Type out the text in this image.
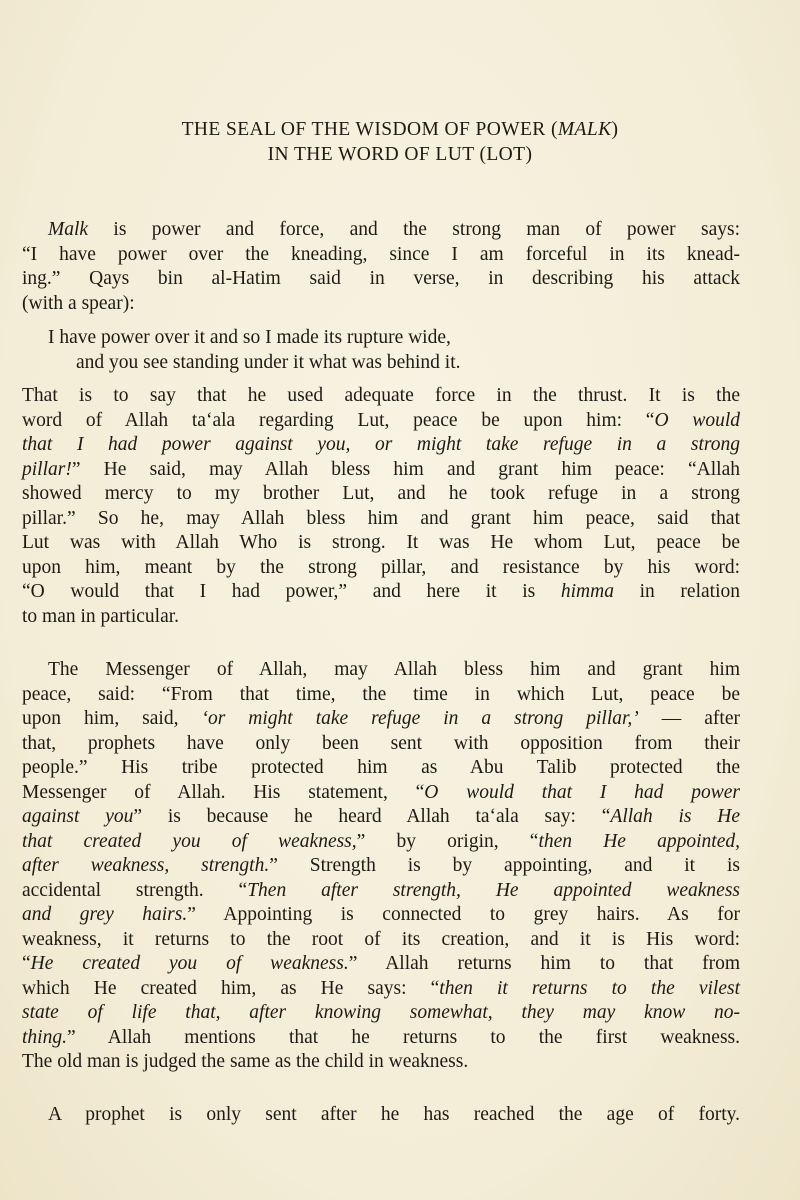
THE SEAL OF THE WISDOM OF POWER (MALK)
IN THE WORD OF LUT (LOT)
Malk is power and force, and the strong man of power says:
“I have power over the kneading, since I am forceful in its knead-
ing.” Qays bin al-Hatim said in verse, in describing his attack
(with a spear):
I have power over it and so I made its rupture wide,
and you see standing under it what was behind it.
That is to say that he used adequate force in the thrust. It is the
word of Allah ta‘ala regarding Lut, peace be upon him: “O would
that I had power against you, or might take refuge in a strong
pillar!” He said, may Allah bless him and grant him peace: “Allah
showed mercy to my brother Lut, and he took refuge in a strong
pillar.” So he, may Allah bless him and grant him peace, said that
Lut was with Allah Who is strong. It was He whom Lut, peace be
upon him, meant by the strong pillar, and resistance by his word:
“O would that I had power,” and here it is himma in relation
to man in particular.
The Messenger of Allah, may Allah bless him and grant him
peace, said: “From that time, the time in which Lut, peace be
upon him, said, ‘or might take refuge in a strong pillar,’ — after
that, prophets have only been sent with opposition from their
people.” His tribe protected him as Abu Talib protected the
Messenger of Allah. His statement, “O would that I had power
against you” is because he heard Allah ta‘ala say: “Allah is He
that created you of weakness,” by origin, “then He appointed,
after weakness, strength.” Strength is by appointing, and it is
accidental strength. “Then after strength, He appointed weakness
and grey hairs.” Appointing is connected to grey hairs. As for
weakness, it returns to the root of its creation, and it is His word:
“He created you of weakness.” Allah returns him to that from
which He created him, as He says: “then it returns to the vilest
state of life that, after knowing somewhat, they may know no-
thing.” Allah mentions that he returns to the first weakness.
The old man is judged the same as the child in weakness.
A prophet is only sent after he has reached the age of forty.
